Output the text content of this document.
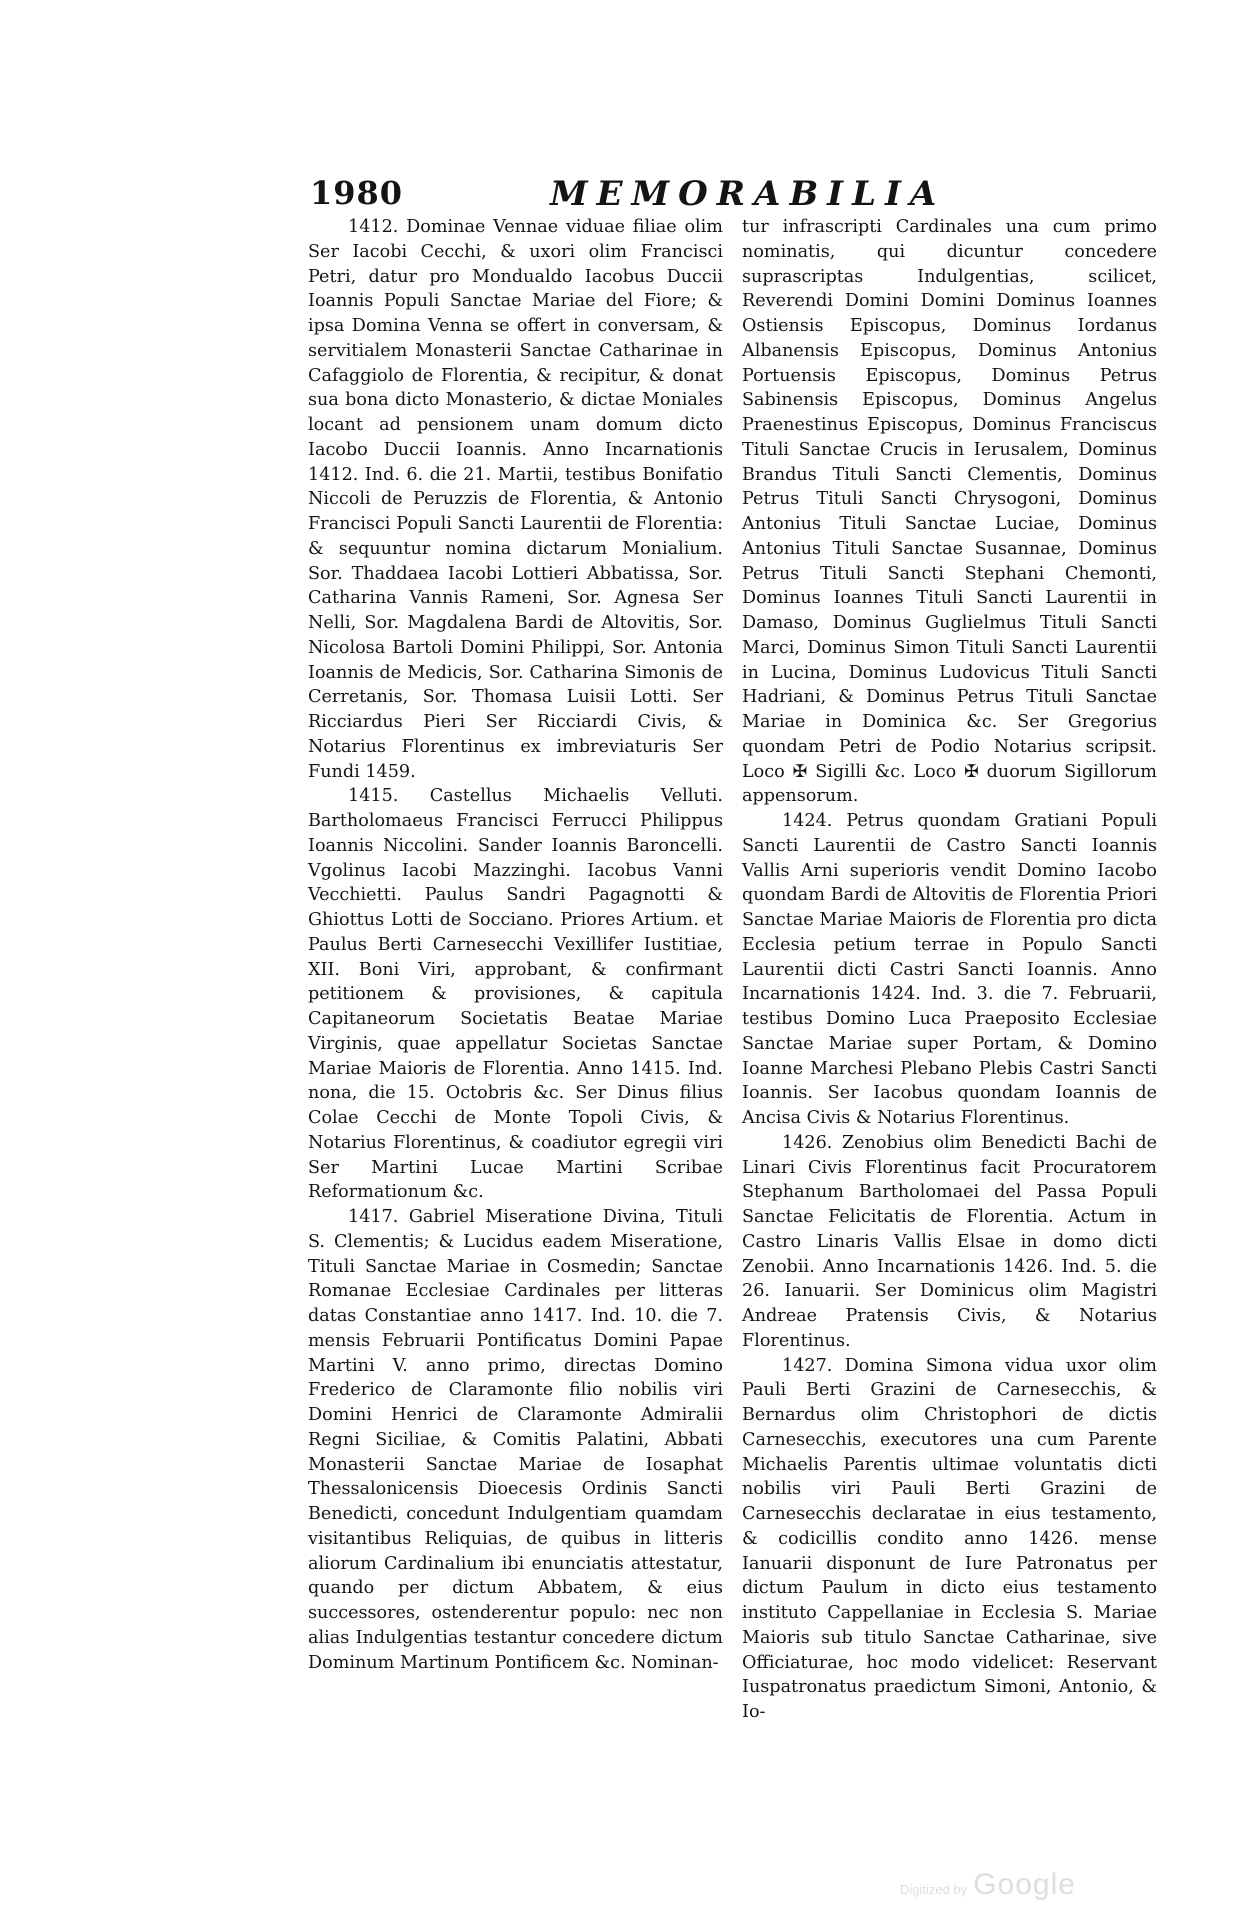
1980	MEMORABILIA

1412. Dominae Vennae viduae filiae olim Ser Iacobi Cecchi, & uxori olim Francisci Petri, datur pro Mondualdo Iacobus Duccii Ioannis Populi Sanctae Mariae del Fiore; & ipsa Domina Venna se offert in conversam, & servitialem Monasterii Sanctae Catharinae in Cafaggiolo de Florentia, & recipitur, & donat sua bona dicto Monasterio, & dictae Moniales locant ad pensionem unam domum dicto Iacobo Duccii Ioannis. Anno Incarnationis 1412. Ind. 6. die 21. Martii, testibus Bonifatio Niccoli de Peruzzis de Florentia, & Antonio Francisci Populi Sancti Laurentii de Florentia: & sequuntur nomina dictarum Monialium. Sor. Thaddaea Iacobi Lottieri Abbatissa, Sor. Catharina Vannis Rameni, Sor. Agnesa Ser Nelli, Sor. Magdalena Bardi de Altovitis, Sor. Nicolosa Bartoli Domini Philippi, Sor. Antonia Ioannis de Medicis, Sor. Catharina Simonis de Cerretanis, Sor. Thomasa Luisii Lotti. Ser Ricciardus Pieri Ser Ricciardi Civis, & Notarius Florentinus ex imbreviaturis Ser Fundi 1459.

1415. Castellus Michaelis Velluti. Bartholomaeus Francisci Ferrucci Philippus Ioannis Niccolini. Sander Ioannis Baroncelli. Vgolinus Iacobi Mazzinghi. Iacobus Vanni Vecchietti. Paulus Sandri Pagagnotti & Ghiottus Lotti de Socciano. Priores Artium. et Paulus Berti Carnesecchi Vexillifer Iustitiae, XII. Boni Viri, approbant, & confirmant petitionem & provisiones, & capitula Capitaneorum Societatis Beatae Mariae Virginis, quae appellatur Societas Sanctae Mariae Maioris de Florentia. Anno 1415. Ind. nona, die 15. Octobris &c. Ser Dinus filius Colae Cecchi de Monte Topoli Civis, & Notarius Florentinus, & coadiutor egregii viri Ser Martini Lucae Martini Scribae Reformationum &c.

1417. Gabriel Miseratione Divina, Tituli S. Clementis; & Lucidus eadem Miseratione, Tituli Sanctae Mariae in Cosmedin; Sanctae Romanae Ecclesiae Cardinales per litteras datas Constantiae anno 1417. Ind. 10. die 7. mensis Februarii Pontificatus Domini Papae Martini V. anno primo, directas Domino Frederico de Claramonte filio nobilis viri Domini Henrici de Claramonte Admiralii Regni Siciliae, & Comitis Palatini, Abbati Monasterii Sanctae Mariae de Iosaphat Thessalonicensis Dioecesis Ordinis Sancti Benedicti, concedunt Indulgentiam quamdam visitantibus Reliquias, de quibus in litteris aliorum Cardinalium ibi enunciatis attestatur, quando per dictum Abbatem, & eius successores, ostenderentur populo: nec non alias Indulgentias testantur concedere dictum Dominum Martinum Pontificem &c. Nominan-

tur infrascripti Cardinales una cum primo nominatis, qui dicuntur concedere suprascriptas Indulgentias, scilicet, Reverendi Domini Domini Dominus Ioannes Ostiensis Episcopus, Dominus Iordanus Albanensis Episcopus, Dominus Antonius Portuensis Episcopus, Dominus Petrus Sabinensis Episcopus, Dominus Angelus Praenestinus Episcopus, Dominus Franciscus Tituli Sanctae Crucis in Ierusalem, Dominus Brandus Tituli Sancti Clementis, Dominus Petrus Tituli Sancti Chrysogoni, Dominus Antonius Tituli Sanctae Luciae, Dominus Antonius Tituli Sanctae Susannae, Dominus Petrus Tituli Sancti Stephani Chemonti, Dominus Ioannes Tituli Sancti Laurentii in Damaso, Dominus Guglielmus Tituli Sancti Marci, Dominus Simon Tituli Sancti Laurentii in Lucina, Dominus Ludovicus Tituli Sancti Hadriani, & Dominus Petrus Tituli Sanctae Mariae in Dominica &c. Ser Gregorius quondam Petri de Podio Notarius scripsit. Loco ✠ Sigilli &c. Loco ✠ duorum Sigillorum appensorum.

1424. Petrus quondam Gratiani Populi Sancti Laurentii de Castro Sancti Ioannis Vallis Arni superioris vendit Domino Iacobo quondam Bardi de Altovitis de Florentia Priori Sanctae Mariae Maioris de Florentia pro dicta Ecclesia petium terrae in Populo Sancti Laurentii dicti Castri Sancti Ioannis. Anno Incarnationis 1424. Ind. 3. die 7. Februarii, testibus Domino Luca Praeposito Ecclesiae Sanctae Mariae super Portam, & Domino Ioanne Marchesi Plebano Plebis Castri Sancti Ioannis. Ser Iacobus quondam Ioannis de Ancisa Civis & Notarius Florentinus.

1426. Zenobius olim Benedicti Bachi de Linari Civis Florentinus facit Procuratorem Stephanum Bartholomaei del Passa Populi Sanctae Felicitatis de Florentia. Actum in Castro Linaris Vallis Elsae in domo dicti Zenobii. Anno Incarnationis 1426. Ind. 5. die 26. Ianuarii. Ser Dominicus olim Magistri Andreae Pratensis Civis, & Notarius Florentinus.

1427. Domina Simona vidua uxor olim Pauli Berti Grazini de Carnesecchis, & Bernardus olim Christophori de dictis Carnesecchis, executores una cum Parente Michaelis Parentis ultimae voluntatis dicti nobilis viri Pauli Berti Grazini de Carnesecchis declaratae in eius testamento, & codicillis condito anno 1426. mense Ianuarii disponunt de Iure Patronatus per dictum Paulum in dicto eius testamento instituto Cappellaniae in Ecclesia S. Mariae Maioris sub titulo Sanctae Catharinae, sive Officiaturae, hoc modo videlicet: Reservant Iuspatronatus praedictum Simoni, Antonio, & Io-

Digitized by Google
